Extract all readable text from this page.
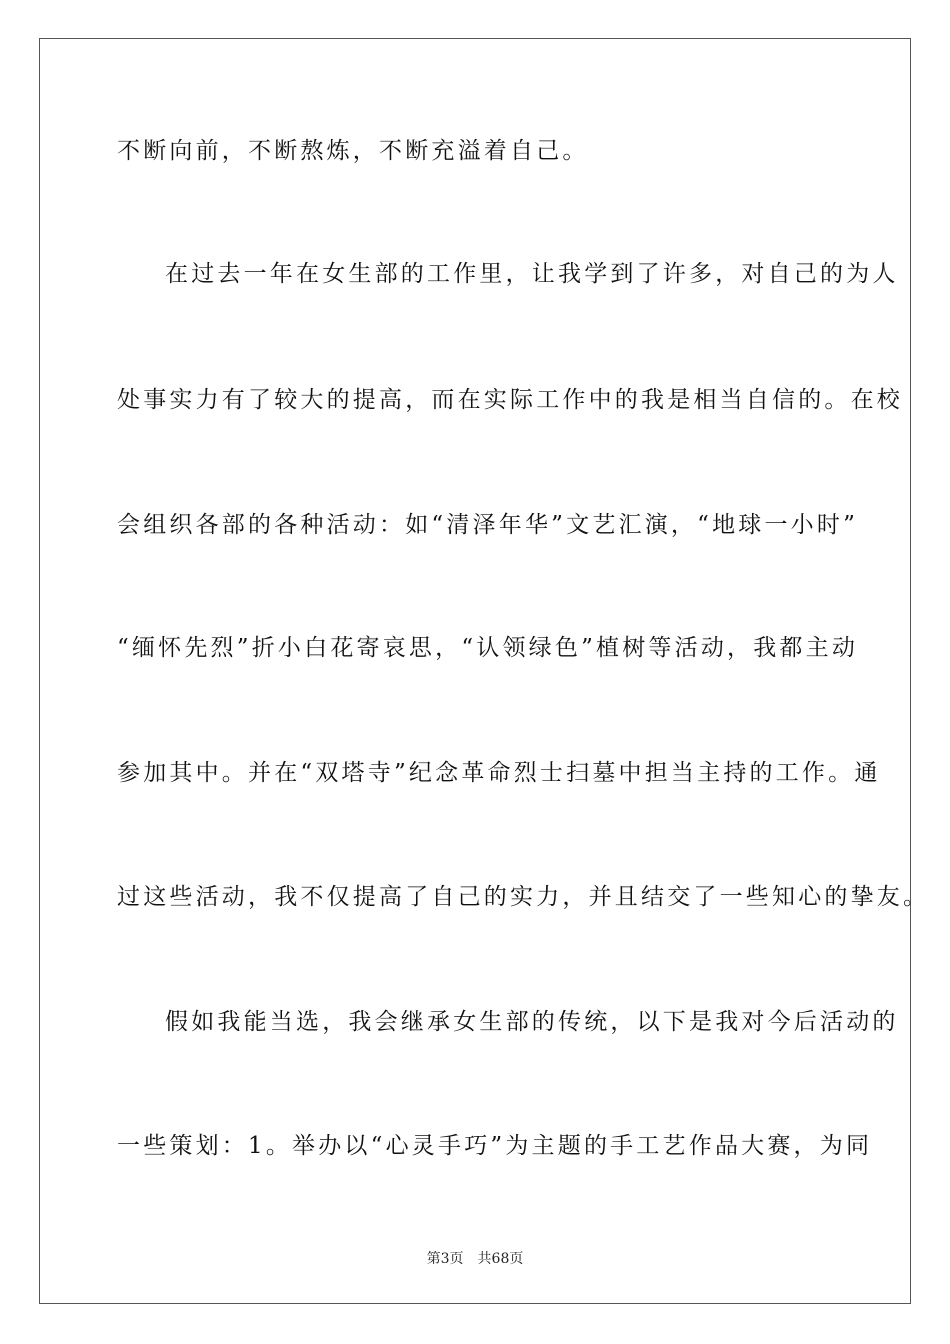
不断向前，不断熬炼，不断充溢着自己。
在过去一年在女生部的工作里，让我学到了许多，对自己的为人
处事实力有了较大的提高，而在实际工作中的我是相当自信的。在校
会组织各部的各种活动：如“清泽年华”文艺汇演，“地球一小时”
“缅怀先烈”折小白花寄哀思，“认领绿色”植树等活动，我都主动
参加其中。并在“双塔寺”纪念革命烈士扫墓中担当主持的工作。通
过这些活动，我不仅提高了自己的实力，并且结交了一些知心的挚友。
假如我能当选，我会继承女生部的传统，以下是我对今后活动的
一些策划：1。举办以“心灵手巧”为主题的手工艺作品大赛，为同
第3页 共68页
